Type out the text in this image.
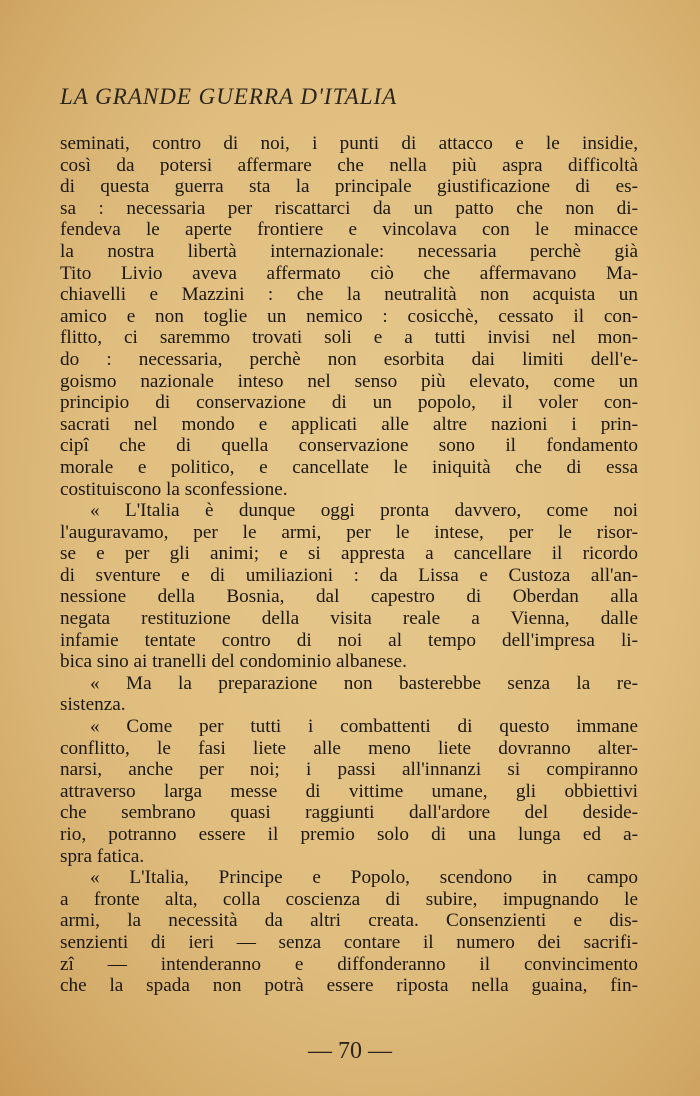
LA GRANDE GUERRA D'ITALIA
seminati, contro di noi, i punti di attacco e le insidie,
così da potersi affermare che nella più aspra difficoltà
di questa guerra sta la principale giustificazione di es-
sa : necessaria per riscattarci da un patto che non di-
fendeva le aperte frontiere e vincolava con le minacce
la nostra libertà internazionale: necessaria perchè già
Tito Livio aveva affermato ciò che affermavano Ma-
chiavelli e Mazzini : che la neutralità non acquista un
amico e non toglie un nemico : cosicchè, cessato il con-
flitto, ci saremmo trovati soli e a tutti invisi nel mon-
do : necessaria, perchè non esorbita dai limiti dell'e-
goismo nazionale inteso nel senso più elevato, come un
principio di conservazione di un popolo, il voler con-
sacrati nel mondo e applicati alle altre nazioni i prin-
cipî che di quella conservazione sono il fondamento
morale e politico, e cancellate le iniquità che di essa
costituiscono la sconfessione.
« L'Italia è dunque oggi pronta davvero, come noi
l'auguravamo, per le armi, per le intese, per le risor-
se e per gli animi; e si appresta a cancellare il ricordo
di sventure e di umiliazioni : da Lissa e Custoza all'an-
nessione della Bosnia, dal capestro di Oberdan alla
negata restituzione della visita reale a Vienna, dalle
infamie tentate contro di noi al tempo dell'impresa li-
bica sino ai tranelli del condominio albanese.
« Ma la preparazione non basterebbe senza la re-
sistenza.
« Come per tutti i combattenti di questo immane
conflitto, le fasi liete alle meno liete dovranno alter-
narsi, anche per noi; i passi all'innanzi si compiranno
attraverso larga messe di vittime umane, gli obbiettivi
che sembrano quasi raggiunti dall'ardore del deside-
rio, potranno essere il premio solo di una lunga ed a-
spra fatica.
« L'Italia, Principe e Popolo, scendono in campo
a fronte alta, colla coscienza di subire, impugnando le
armi, la necessità da altri creata. Consenzienti e dis-
senzienti di ieri — senza contare il numero dei sacrifi-
zî — intenderanno e diffonderanno il convincimento
che la spada non potrà essere riposta nella guaina, fin-
— 70 —
